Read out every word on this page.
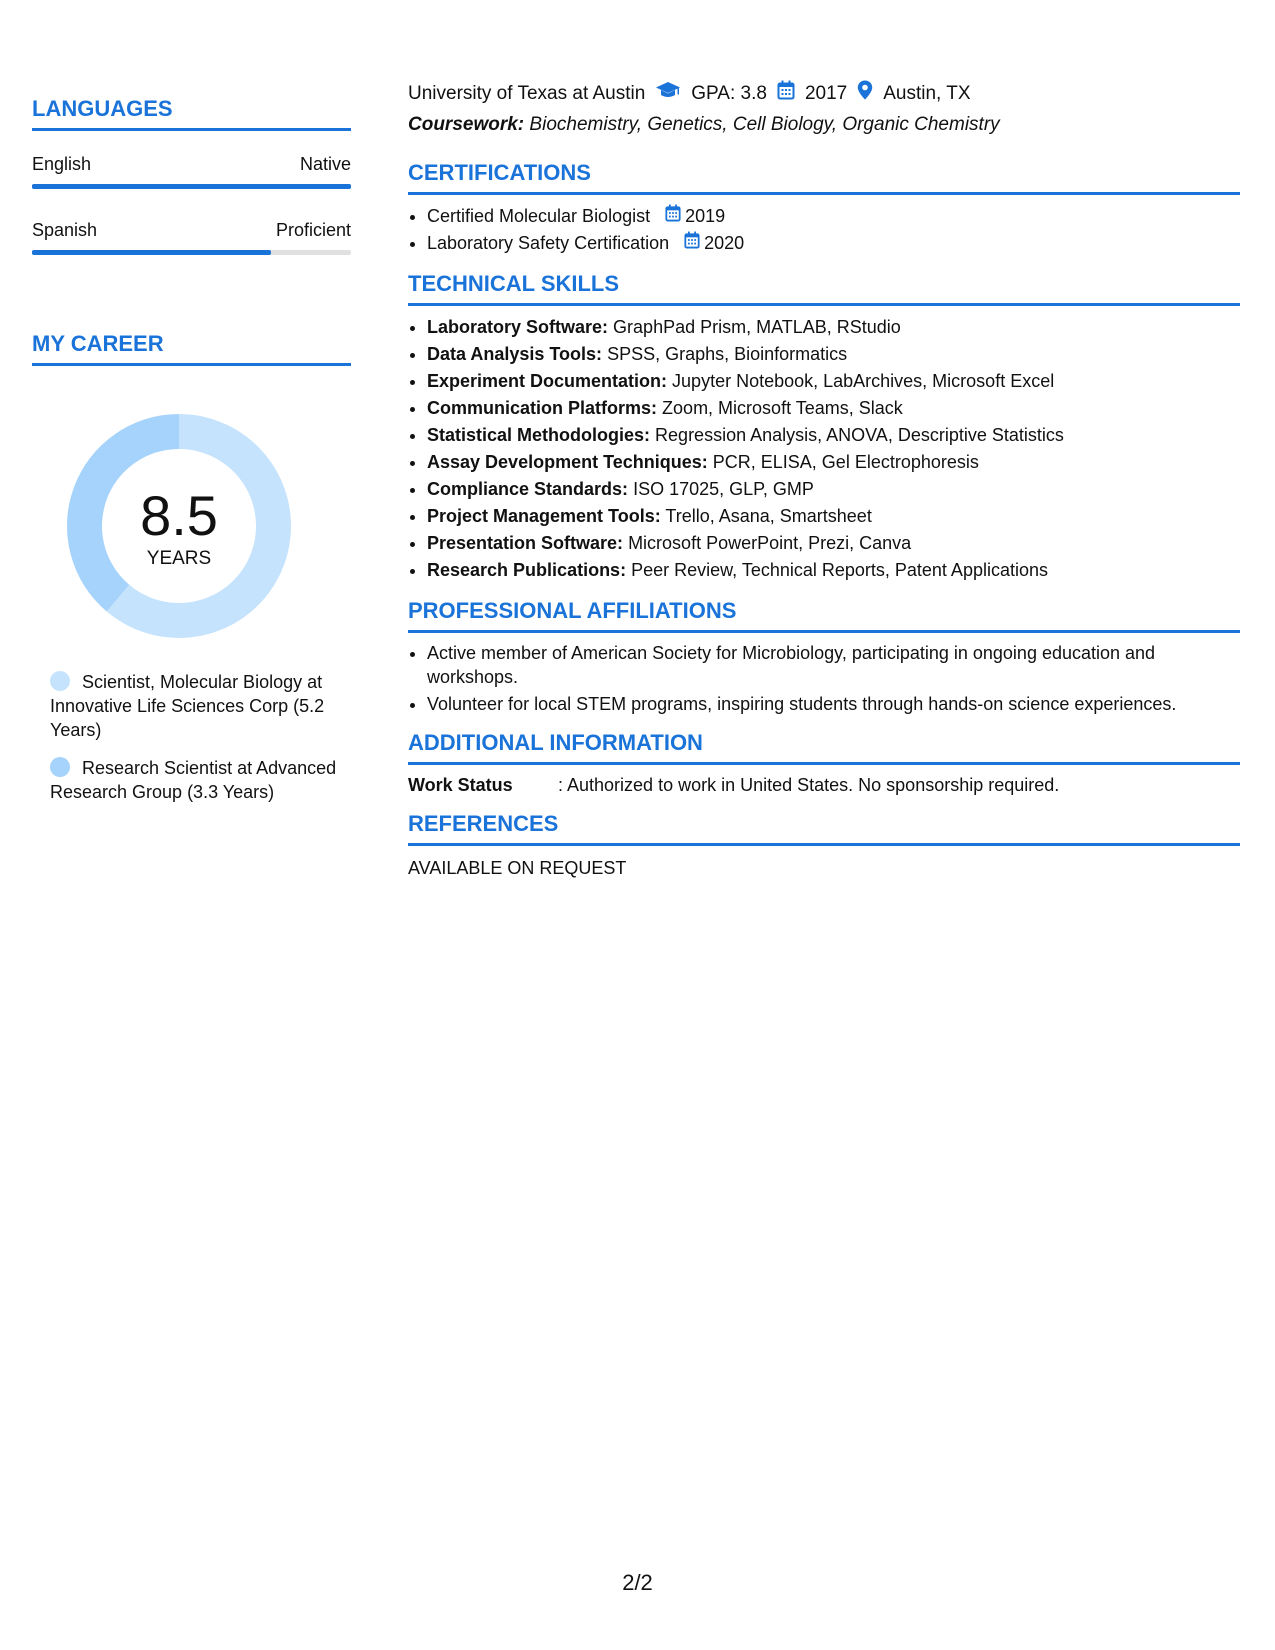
LANGUAGES
English	Native
Spanish	Proficient
MY CAREER
8.5
YEARS
Scientist, Molecular Biology at Innovative Life Sciences Corp (5.2 Years)
Research Scientist at Advanced Research Group (3.3 Years)
University of Texas at Austin GPA: 3.8 2017 Austin, TX
Coursework: Biochemistry, Genetics, Cell Biology, Organic Chemistry
CERTIFICATIONS
• Certified Molecular Biologist 2019
• Laboratory Safety Certification 2020
TECHNICAL SKILLS
• Laboratory Software: GraphPad Prism, MATLAB, RStudio
• Data Analysis Tools: SPSS, Graphs, Bioinformatics
• Experiment Documentation: Jupyter Notebook, LabArchives, Microsoft Excel
• Communication Platforms: Zoom, Microsoft Teams, Slack
• Statistical Methodologies: Regression Analysis, ANOVA, Descriptive Statistics
• Assay Development Techniques: PCR, ELISA, Gel Electrophoresis
• Compliance Standards: ISO 17025, GLP, GMP
• Project Management Tools: Trello, Asana, Smartsheet
• Presentation Software: Microsoft PowerPoint, Prezi, Canva
• Research Publications: Peer Review, Technical Reports, Patent Applications
PROFESSIONAL AFFILIATIONS
• Active member of American Society for Microbiology, participating in ongoing education and workshops.
• Volunteer for local STEM programs, inspiring students through hands-on science experiences.
ADDITIONAL INFORMATION
Work Status	: Authorized to work in United States. No sponsorship required.
REFERENCES
AVAILABLE ON REQUEST
2/2
